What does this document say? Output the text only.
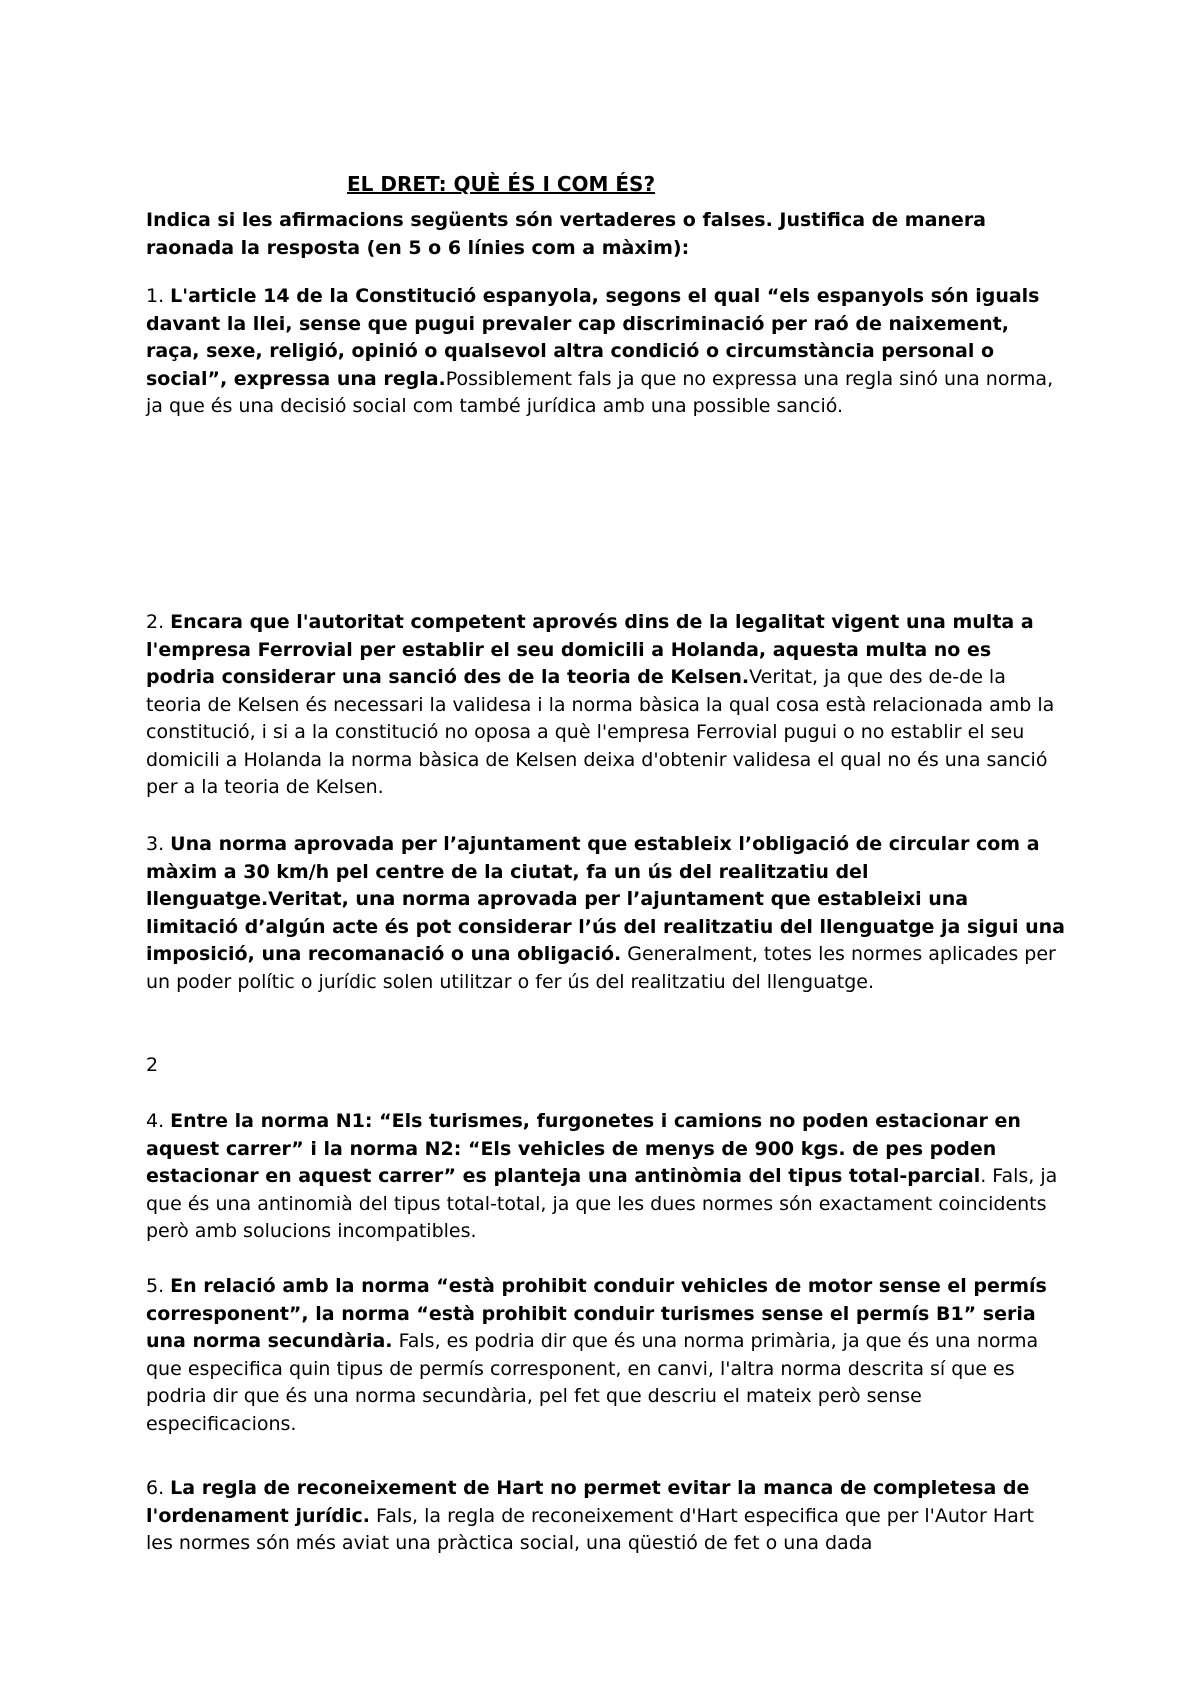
EL DRET: QUÈ ÉS I COM ÉS?

Indica si les afirmacions següents són vertaderes o falses. Justifica de manera raonada la resposta (en 5 o 6 línies com a màxim):

1. L'article 14 de la Constitució espanyola, segons el qual “els espanyols són iguals davant la llei, sense que pugui prevaler cap discriminació per raó de naixement, raça, sexe, religió, opinió o qualsevol altra condició o circumstància personal o social”, expressa una regla.Possiblement fals ja que no expressa una regla sinó una norma, ja que és una decisió social com també jurídica amb una possible sanció.

2. Encara que l'autoritat competent aprovés dins de la legalitat vigent una multa a l'empresa Ferrovial per establir el seu domicili a Holanda, aquesta multa no es podria considerar una sanció des de la teoria de Kelsen.Veritat, ja que des de-de la teoria de Kelsen és necessari la validesa i la norma bàsica la qual cosa està relacionada amb la constitució, i si a la constitució no oposa a què l'empresa Ferrovial pugui o no establir el seu domicili a Holanda la norma bàsica de Kelsen deixa d'obtenir validesa el qual no és una sanció per a la teoria de Kelsen.

3. Una norma aprovada per l’ajuntament que estableix l’obligació de circular com a màxim a 30 km/h pel centre de la ciutat, fa un ús del realitzatiu del llenguatge.Veritat, una norma aprovada per l’ajuntament que estableixi una limitació d’algún acte és pot considerar l’ús del realitzatiu del llenguatge ja sigui una imposició, una recomanació o una obligació. Generalment, totes les normes aplicades per un poder polític o jurídic solen utilitzar o fer ús del realitzatiu del llenguatge.

2

4. Entre la norma N1: “Els turismes, furgonetes i camions no poden estacionar en aquest carrer” i la norma N2: “Els vehicles de menys de 900 kgs. de pes poden estacionar en aquest carrer” es planteja una antinòmia del tipus total-parcial. Fals, ja que és una antinomià del tipus total-total, ja que les dues normes són exactament coincidents però amb solucions incompatibles.

5. En relació amb la norma “està prohibit conduir vehicles de motor sense el permís corresponent”, la norma “està prohibit conduir turismes sense el permís B1” seria una norma secundària. Fals, es podria dir que és una norma primària, ja que és una norma que especifica quin tipus de permís corresponent, en canvi, l'altra norma descrita sí que es podria dir que és una norma secundària, pel fet que descriu el mateix però sense especificacions.

6. La regla de reconeixement de Hart no permet evitar la manca de completesa de l'ordenament jurídic. Fals, la regla de reconeixement d'Hart especifica que per l'Autor Hart les normes són més aviat una pràctica social, una qüestió de fet o una dada
